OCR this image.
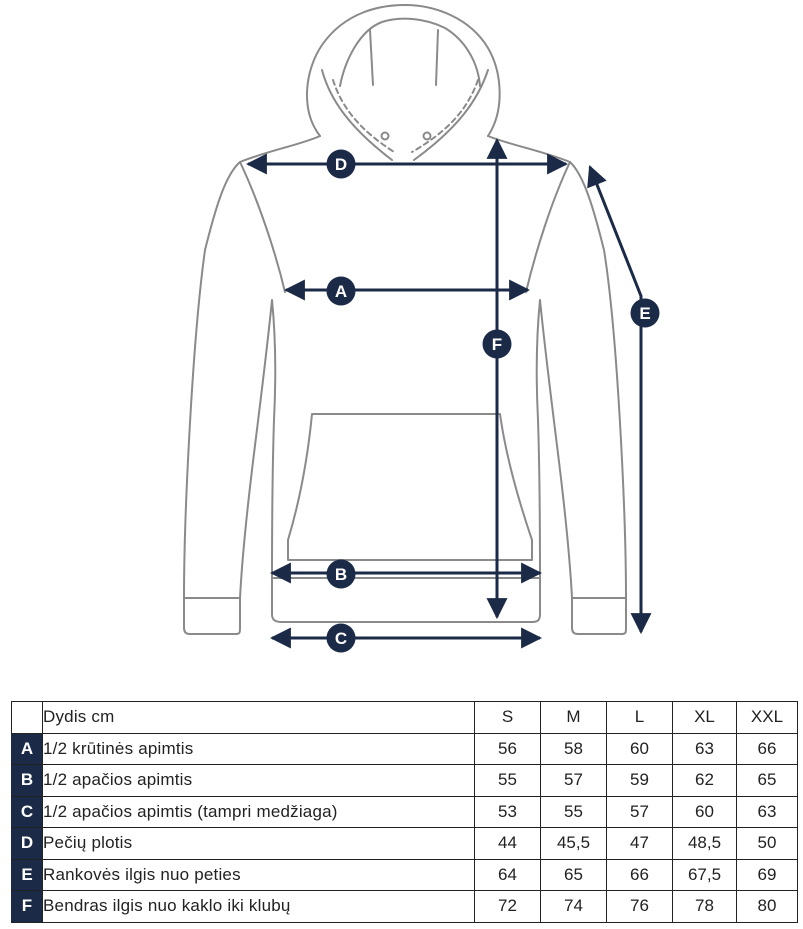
D
A
F
E
B
C
	Dydis cm	S	M	L	XL	XXL
A	1/2 krūtinės apimtis	56	58	60	63	66
B	1/2 apačios apimtis	55	57	59	62	65
C	1/2 apačios apimtis (tampri medžiaga)	53	55	57	60	63
D	Pečių plotis	44	45,5	47	48,5	50
E	Rankovės ilgis nuo peties	64	65	66	67,5	69
F	Bendras ilgis nuo kaklo iki klubų	72	74	76	78	80
